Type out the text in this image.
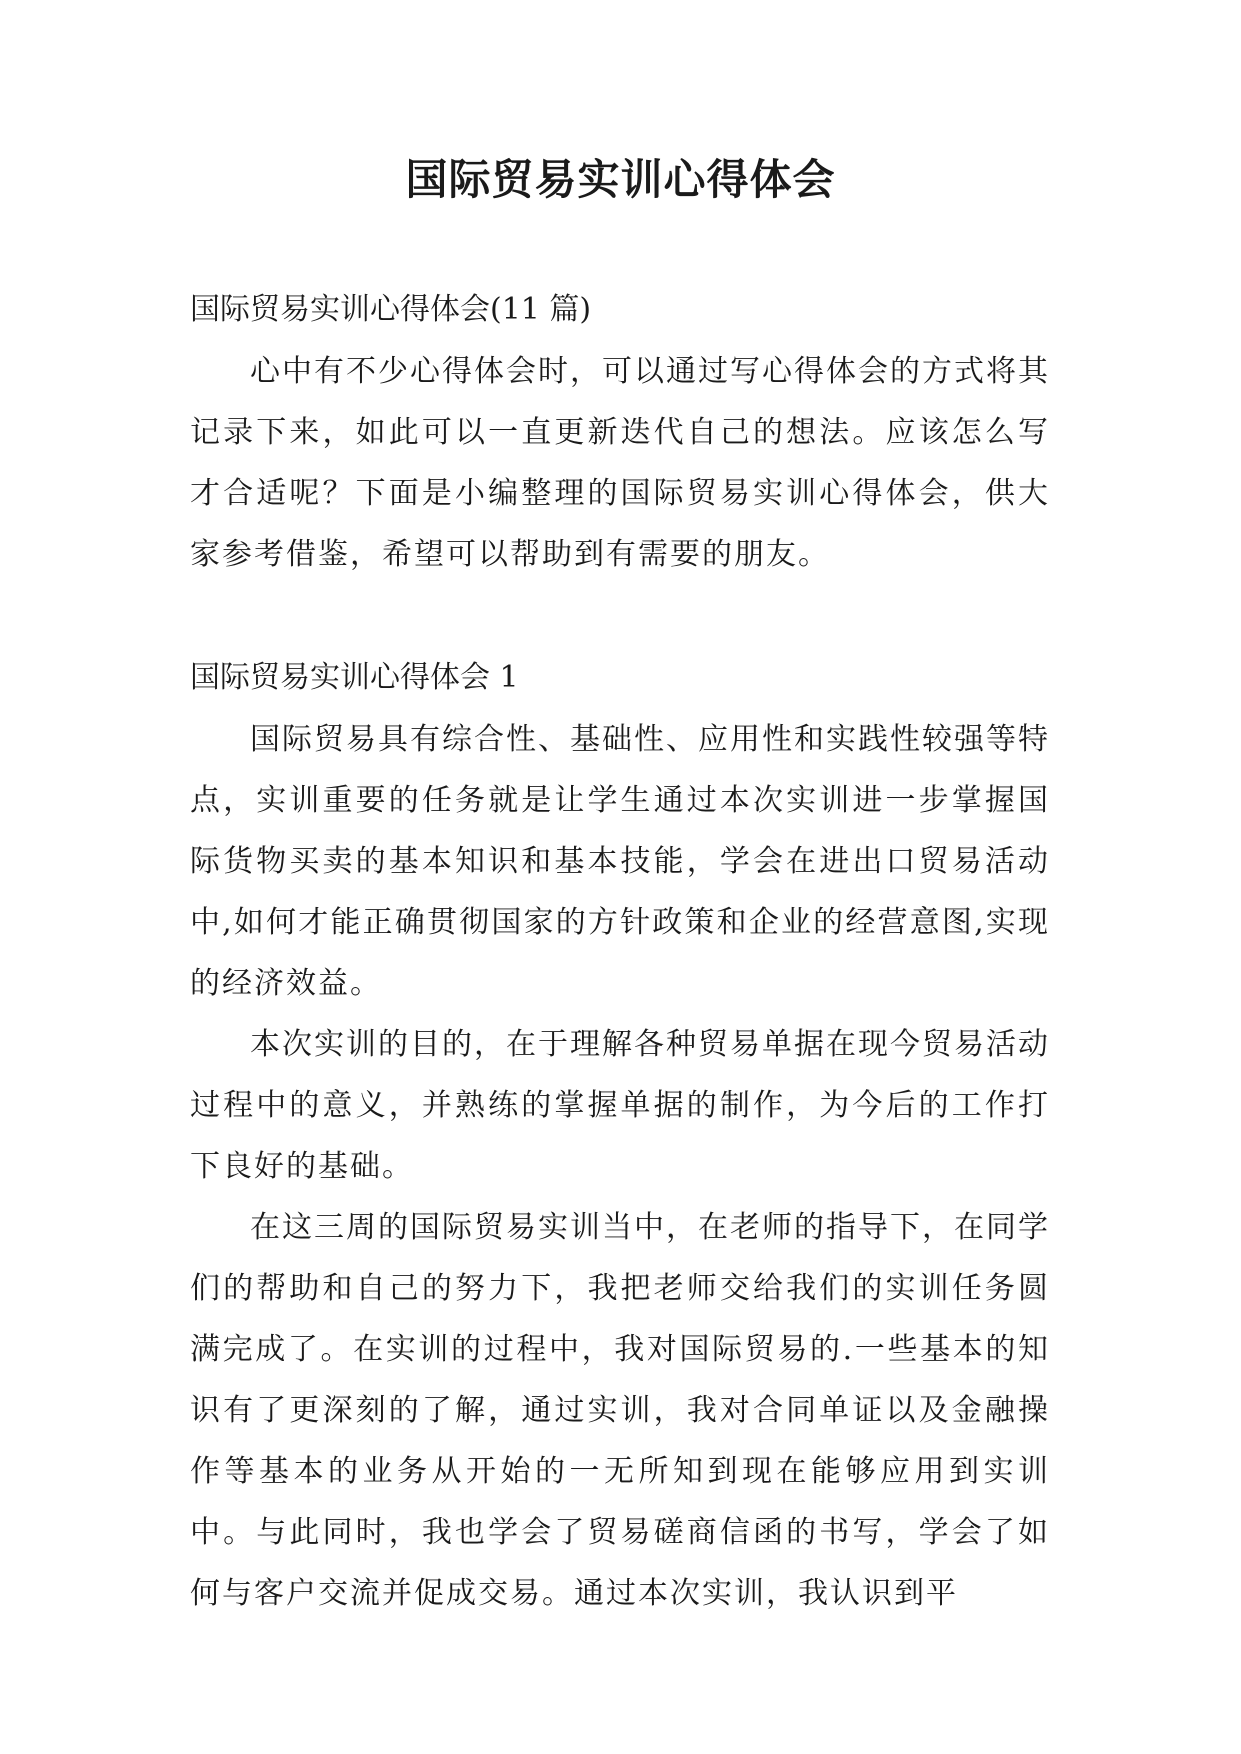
国际贸易实训心得体会

国际贸易实训心得体会(11 篇)

心中有不少心得体会时，可以通过写心得体会的方式将其记录下来，如此可以一直更新迭代自己的想法。应该怎么写才合适呢？下面是小编整理的国际贸易实训心得体会，供大家参考借鉴，希望可以帮助到有需要的朋友。

国际贸易实训心得体会 1

国际贸易具有综合性、基础性、应用性和实践性较强等特点，实训重要的任务就是让学生通过本次实训进一步掌握国际货物买卖的基本知识和基本技能，学会在进出口贸易活动中,如何才能正确贯彻国家的方针政策和企业的经营意图,实现的经济效益。

本次实训的目的，在于理解各种贸易单据在现今贸易活动过程中的意义，并熟练的掌握单据的制作，为今后的工作打下良好的基础。

在这三周的国际贸易实训当中，在老师的指导下，在同学们的帮助和自己的努力下，我把老师交给我们的实训任务圆满完成了。在实训的过程中，我对国际贸易的.一些基本的知识有了更深刻的了解，通过实训，我对合同单证以及金融操作等基本的业务从开始的一无所知到现在能够应用到实训中。与此同时，我也学会了贸易磋商信函的书写，学会了如何与客户交流并促成交易。通过本次实训，我认识到平
